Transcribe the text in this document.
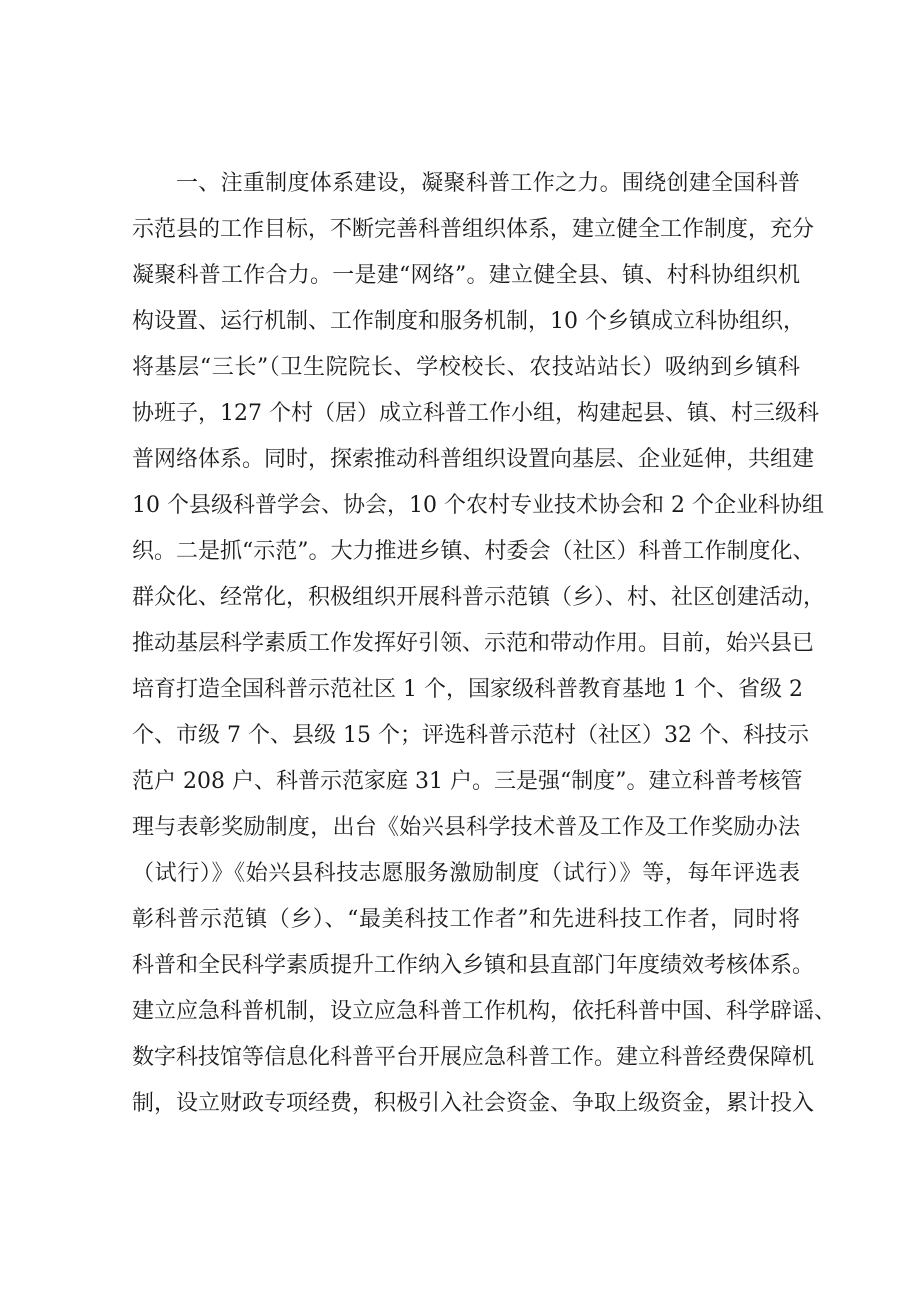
一、注重制度体系建设，凝聚科普工作之力。围绕创建全国科普
示范县的工作目标，不断完善科普组织体系，建立健全工作制度，充分
凝聚科普工作合力。一是建“网络”。建立健全县、镇、村科协组织机
构设置、运行机制、工作制度和服务机制，10 个乡镇成立科协组织，
将基层“三长”（卫生院院长、学校校长、农技站站长）吸纳到乡镇科
协班子，127 个村（居）成立科普工作小组，构建起县、镇、村三级科
普网络体系。同时，探索推动科普组织设置向基层、企业延伸，共组建
10 个县级科普学会、协会，10 个农村专业技术协会和 2 个企业科协组
织。二是抓“示范”。大力推进乡镇、村委会（社区）科普工作制度化、
群众化、经常化，积极组织开展科普示范镇（乡）、村、社区创建活动，
推动基层科学素质工作发挥好引领、示范和带动作用。目前，始兴县已
培育打造全国科普示范社区 1 个，国家级科普教育基地 1 个、省级 2
个、市级 7 个、县级 15 个；评选科普示范村（社区）32 个、科技示
范户 208 户、科普示范家庭 31 户。三是强“制度”。建立科普考核管
理与表彰奖励制度，出台《始兴县科学技术普及工作及工作奖励办法
（试行）》《始兴县科技志愿服务激励制度（试行）》等，每年评选表
彰科普示范镇（乡）、“最美科技工作者”和先进科技工作者，同时将
科普和全民科学素质提升工作纳入乡镇和县直部门年度绩效考核体系。
建立应急科普机制，设立应急科普工作机构，依托科普中国、科学辟谣、
数字科技馆等信息化科普平台开展应急科普工作。建立科普经费保障机
制，设立财政专项经费，积极引入社会资金、争取上级资金，累计投入
